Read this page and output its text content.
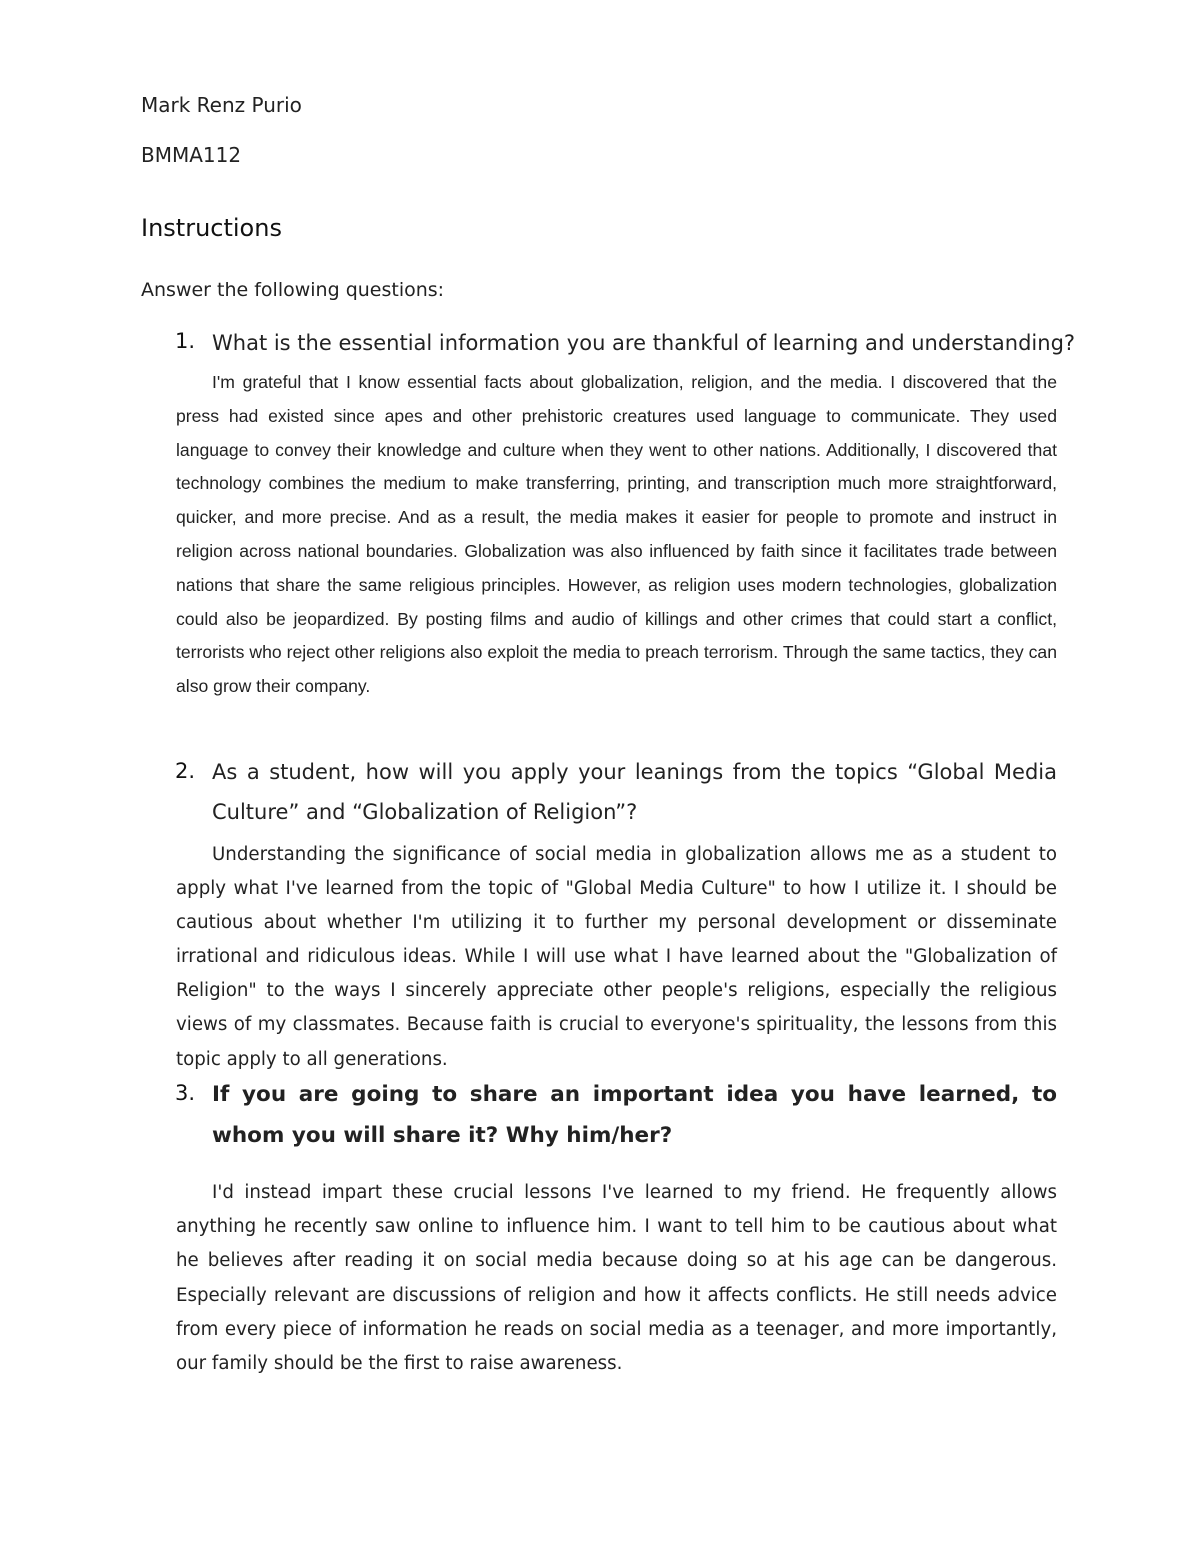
Mark Renz Purio
BMMA112
Instructions
Answer the following questions:
1. What is the essential information you are thankful of learning and understanding?

I'm grateful that I know essential facts about globalization, religion, and the media. I discovered that the press had existed since apes and other prehistoric creatures used language to communicate. They used language to convey their knowledge and culture when they went to other nations. Additionally, I discovered that technology combines the medium to make transferring, printing, and transcription much more straightforward, quicker, and more precise. And as a result, the media makes it easier for people to promote and instruct in religion across national boundaries. Globalization was also influenced by faith since it facilitates trade between nations that share the same religious principles. However, as religion uses modern technologies, globalization could also be jeopardized. By posting films and audio of killings and other crimes that could start a conflict, terrorists who reject other religions also exploit the media to preach terrorism. Through the same tactics, they can also grow their company.

2. As a student, how will you apply your leanings from the topics “Global Media Culture” and “Globalization of Religion”?

Understanding the significance of social media in globalization allows me as a student to apply what I've learned from the topic of "Global Media Culture" to how I utilize it. I should be cautious about whether I'm utilizing it to further my personal development or disseminate irrational and ridiculous ideas. While I will use what I have learned about the "Globalization of Religion" to the ways I sincerely appreciate other people's religions, especially the religious views of my classmates. Because faith is crucial to everyone's spirituality, the lessons from this topic apply to all generations.

3. If you are going to share an important idea you have learned, to whom you will share it? Why him/her?

I'd instead impart these crucial lessons I've learned to my friend. He frequently allows anything he recently saw online to influence him. I want to tell him to be cautious about what he believes after reading it on social media because doing so at his age can be dangerous. Especially relevant are discussions of religion and how it affects conflicts. He still needs advice from every piece of information he reads on social media as a teenager, and more importantly, our family should be the first to raise awareness.
